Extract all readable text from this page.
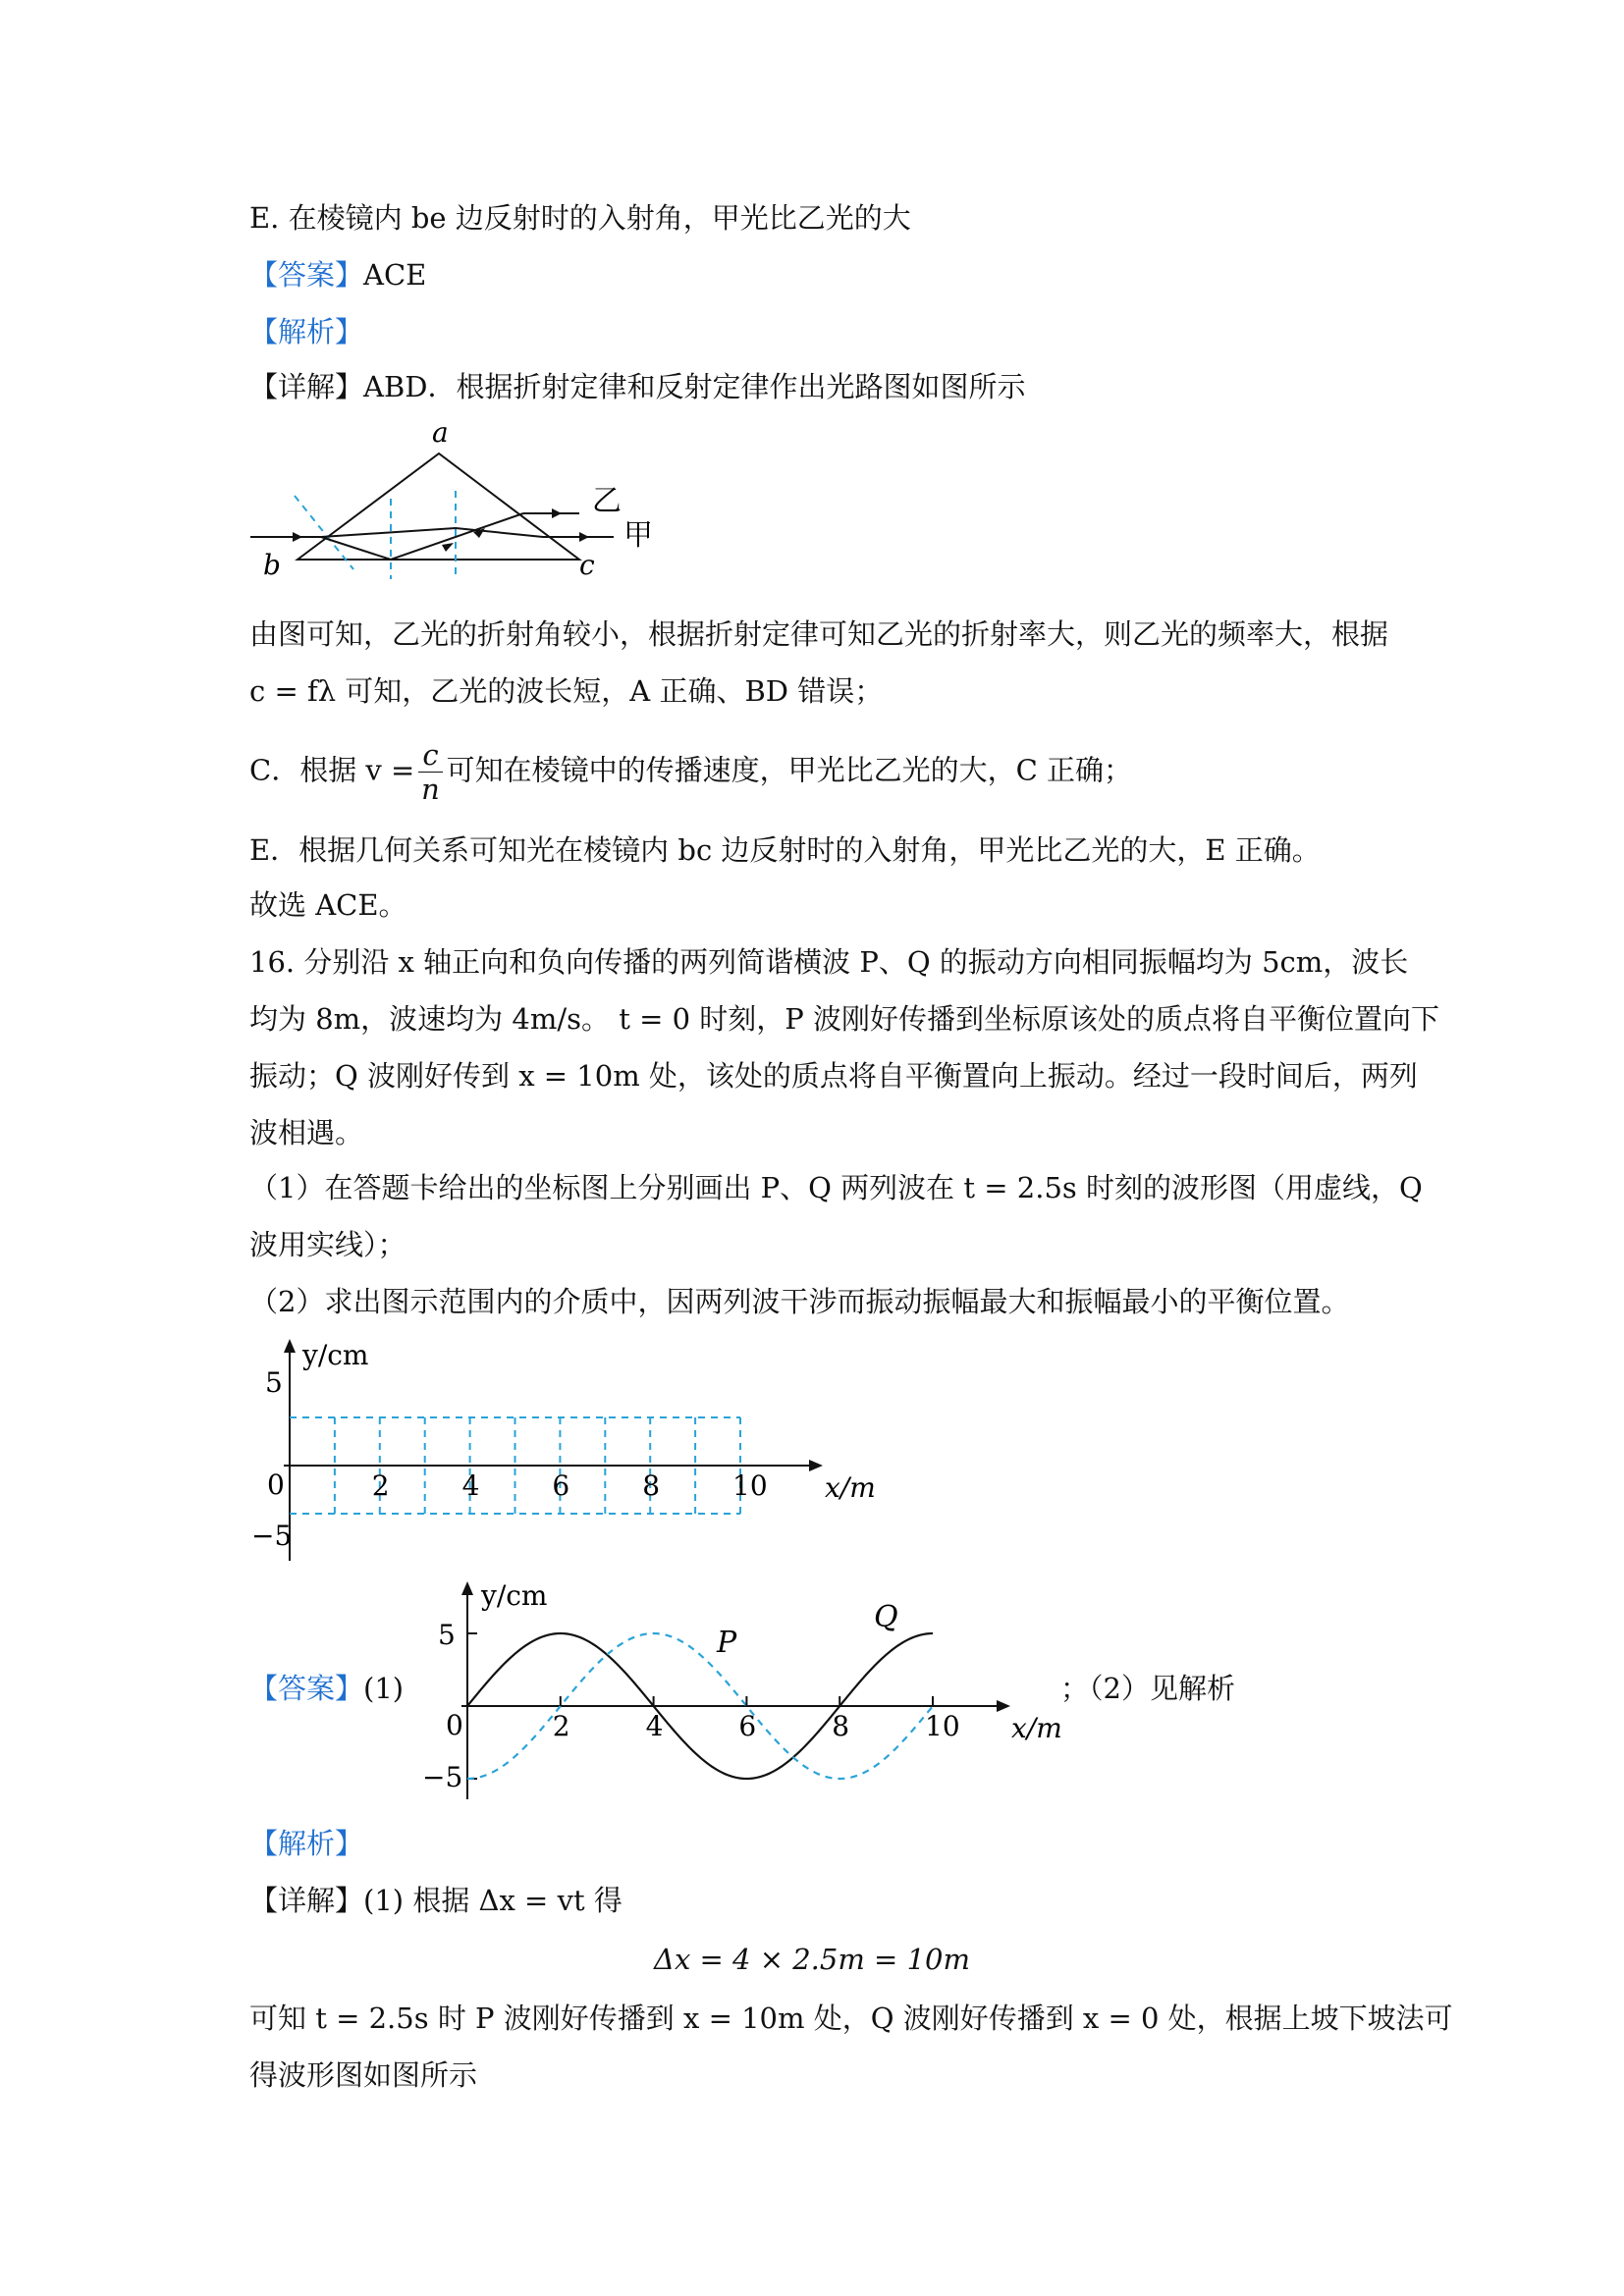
E. 在棱镜内 be 边反射时的入射角，甲光比乙光的大
【答案】ACE
【解析】
【详解】ABD．根据折射定律和反射定律作出光路图如图所示
a
b	c
乙
甲
由图可知，乙光的折射角较小，根据折射定律可知乙光的折射率大，则乙光的频率大，根据
c = fλ 可知，乙光的波长短，A 正确、BD 错误；
C．根据 $v = \frac{c}{n}$ 可知在棱镜中的传播速度，甲光比乙光的大，C 正确；
E．根据几何关系可知光在棱镜内 bc 边反射时的入射角，甲光比乙光的大，E 正确。
故选 ACE。
16. 分别沿 x 轴正向和负向传播的两列简谐横波 P、Q 的振动方向相同振幅均为 5cm，波长
均为 8m，波速均为 4m/s。 t = 0 时刻，P 波刚好传播到坐标原该处的质点将自平衡位置向下
振动；Q 波刚好传到 x = 10m 处，该处的质点将自平衡置向上振动。经过一段时间后，两列
波相遇。
（1）在答题卡给出的坐标图上分别画出 P、Q 两列波在 t = 2.5s 时刻的波形图（用虚线，Q
波用实线）；
（2）求出图示范围内的介质中，因两列波干涉而振动振幅最大和振幅最小的平衡位置。
2	4	6	8	10
y/cm
x/m
5
−5
0
【答案】(1)	；（2）见解析
2	4	6	8	10
y/cm
x/m
5
−5
0
P
Q
【解析】
【详解】(1) 根据 Δx = vt 得
Δx = 4 × 2.5m = 10m
可知 t = 2.5s 时 P 波刚好传播到 x = 10m 处，Q 波刚好传播到 x = 0 处，根据上坡下坡法可
得波形图如图所示
